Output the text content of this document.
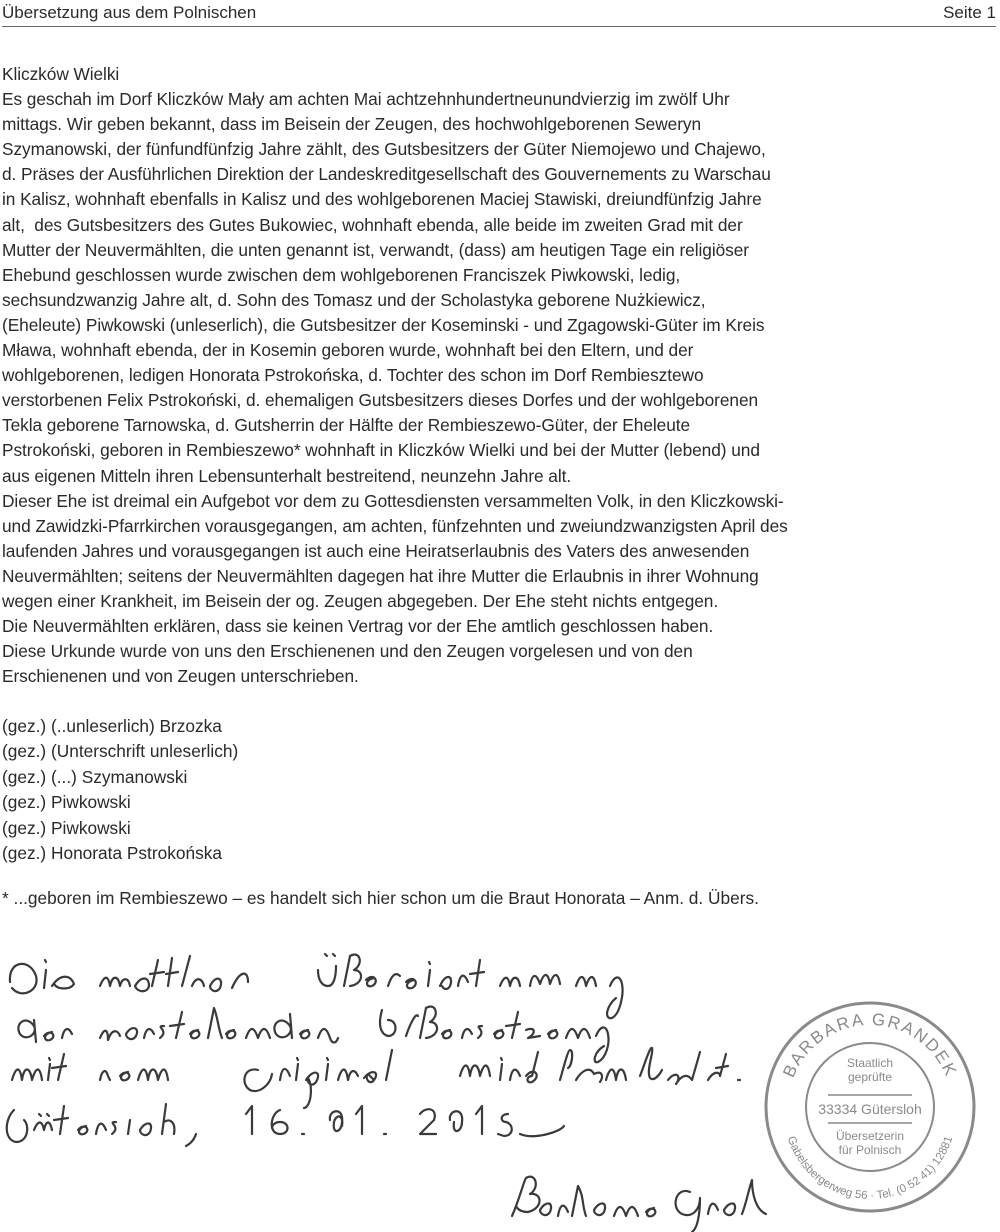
Übersetzung aus dem Polnischen	Seite 1
Kliczków Wielki
Es geschah im Dorf Kliczków Mały am achten Mai achtzehnhundertneunundvierzig im zwölf Uhr
mittags. Wir geben bekannt, dass im Beisein der Zeugen, des hochwohlgeborenen Seweryn
Szymanowski, der fünfundfünfzig Jahre zählt, des Gutsbesitzers der Güter Niemojewo und Chajewo,
d. Präses der Ausführlichen Direktion der Landeskreditgesellschaft des Gouvernements zu Warschau
in Kalisz, wohnhaft ebenfalls in Kalisz und des wohlgeborenen Maciej Stawiski, dreiundfünfzig Jahre
alt,  des Gutsbesitzers des Gutes Bukowiec, wohnhaft ebenda, alle beide im zweiten Grad mit der
Mutter der Neuvermählten, die unten genannt ist, verwandt, (dass) am heutigen Tage ein religiöser
Ehebund geschlossen wurde zwischen dem wohlgeborenen Franciszek Piwkowski, ledig,
sechsundzwanzig Jahre alt, d. Sohn des Tomasz und der Scholastyka geborene Nużkiewicz,
(Eheleute) Piwkowski (unleserlich), die Gutsbesitzer der Koseminski - und Zgagowski-Güter im Kreis
Mława, wohnhaft ebenda, der in Kosemin geboren wurde, wohnhaft bei den Eltern, und der
wohlgeborenen, ledigen Honorata Pstrokońska, d. Tochter des schon im Dorf Rembiesztewo
verstorbenen Felix Pstrokoński, d. ehemaligen Gutsbesitzers dieses Dorfes und der wohlgeborenen
Tekla geborene Tarnowska, d. Gutsherrin der Hälfte der Rembieszewo-Güter, der Eheleute
Pstrokoński, geboren in Rembieszewo* wohnhaft in Kliczków Wielki und bei der Mutter (lebend) und
aus eigenen Mitteln ihren Lebensunterhalt bestreitend, neunzehn Jahre alt.
Dieser Ehe ist dreimal ein Aufgebot vor dem zu Gottesdiensten versammelten Volk, in den Kliczkowski-
und Zawidzki-Pfarrkirchen vorausgegangen, am achten, fünfzehnten und zweiundzwanzigsten April des
laufenden Jahres und vorausgegangen ist auch eine Heiratserlaubnis des Vaters des anwesenden
Neuvermählten; seitens der Neuvermählten dagegen hat ihre Mutter die Erlaubnis in ihrer Wohnung
wegen einer Krankheit, im Beisein der og. Zeugen abgegeben. Der Ehe steht nichts entgegen.
Die Neuvermählten erklären, dass sie keinen Vertrag vor der Ehe amtlich geschlossen haben.
Diese Urkunde wurde von uns den Erschienenen und den Zeugen vorgelesen und von den
Erschienenen und von Zeugen unterschrieben.
(gez.) (..unleserlich) Brzozka
(gez.) (Unterschrift unleserlich)
(gez.) (...) Szymanowski
(gez.) Piwkowski
(gez.) Piwkowski
(gez.) Honorata Pstrokońska
* ...geboren im Rembieszewo – es handelt sich hier schon um die Braut Honorata – Anm. d. Übers.
BARBARA GRANDEK
Gabelsbergerweg 56 · Tel. (0 52 41) 12881
Staatlich
geprüfte
33334 Gütersloh
Übersetzerin
für Polnisch
